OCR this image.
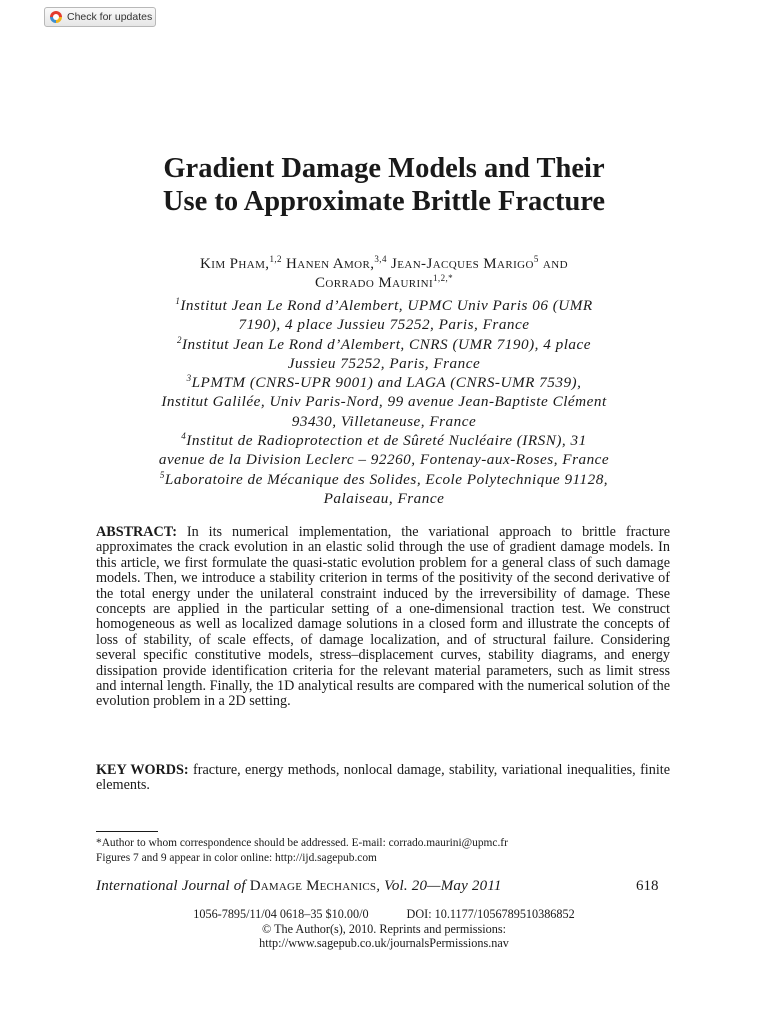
Check for updates
Gradient Damage Models and Their
Use to Approximate Brittle Fracture
Kim Pham,$^{1,2}$ Hanen Amor,$^{3,4}$ Jean-Jacques Marigo$^5$ and
Corrado Maurini$^{1,2,*}$
$^1$Institut Jean Le Rond d’Alembert, UPMC Univ Paris 06 (UMR
7190), 4 place Jussieu 75252, Paris, France
$^2$Institut Jean Le Rond d’Alembert, CNRS (UMR 7190), 4 place
Jussieu 75252, Paris, France
$^3$LPMTM (CNRS-UPR 9001) and LAGA (CNRS-UMR 7539),
Institut Galilée, Univ Paris-Nord, 99 avenue Jean-Baptiste Clément
93430, Villetaneuse, France
$^4$Institut de Radioprotection et de Sûreté Nucléaire (IRSN), 31
avenue de la Division Leclerc – 92260, Fontenay-aux-Roses, France
$^5$Laboratoire de Mécanique des Solides, Ecole Polytechnique 91128,
Palaiseau, France

ABSTRACT: In its numerical implementation, the variational approach to brittle fracture approximates the crack evolution in an elastic solid through the use of gradient damage models. In this article, we first formulate the quasi-static evolution problem for a general class of such damage models. Then, we introduce a stability criterion in terms of the positivity of the second derivative of the total energy under the unilateral constraint induced by the irreversibility of damage. These concepts are applied in the particular setting of a one-dimensional traction test. We construct homogeneous as well as localized damage solutions in a closed form and illustrate the concepts of loss of stability, of scale effects, of damage localization, and of structural failure. Considering several specific constitutive models, stress–displacement curves, stability diagrams, and energy dissipation provide identification criteria for the relevant material parameters, such as limit stress and internal length. Finally, the 1D analytical results are compared with the numerical solution of the evolution problem in a 2D setting.

KEY WORDS: fracture, energy methods, nonlocal damage, stability, variational inequalities, finite elements.

*Author to whom correspondence should be addressed. E-mail: corrado.maurini@upmc.fr
Figures 7 and 9 appear in color online: http://ijd.sagepub.com
International Journal of Damage Mechanics, Vol. 20—May 2011	618
1056-7895/11/04 0618–35 $10.00/0	DOI: 10.1177/1056789510386852
© The Author(s), 2010. Reprints and permissions:
http://www.sagepub.co.uk/journalsPermissions.nav
